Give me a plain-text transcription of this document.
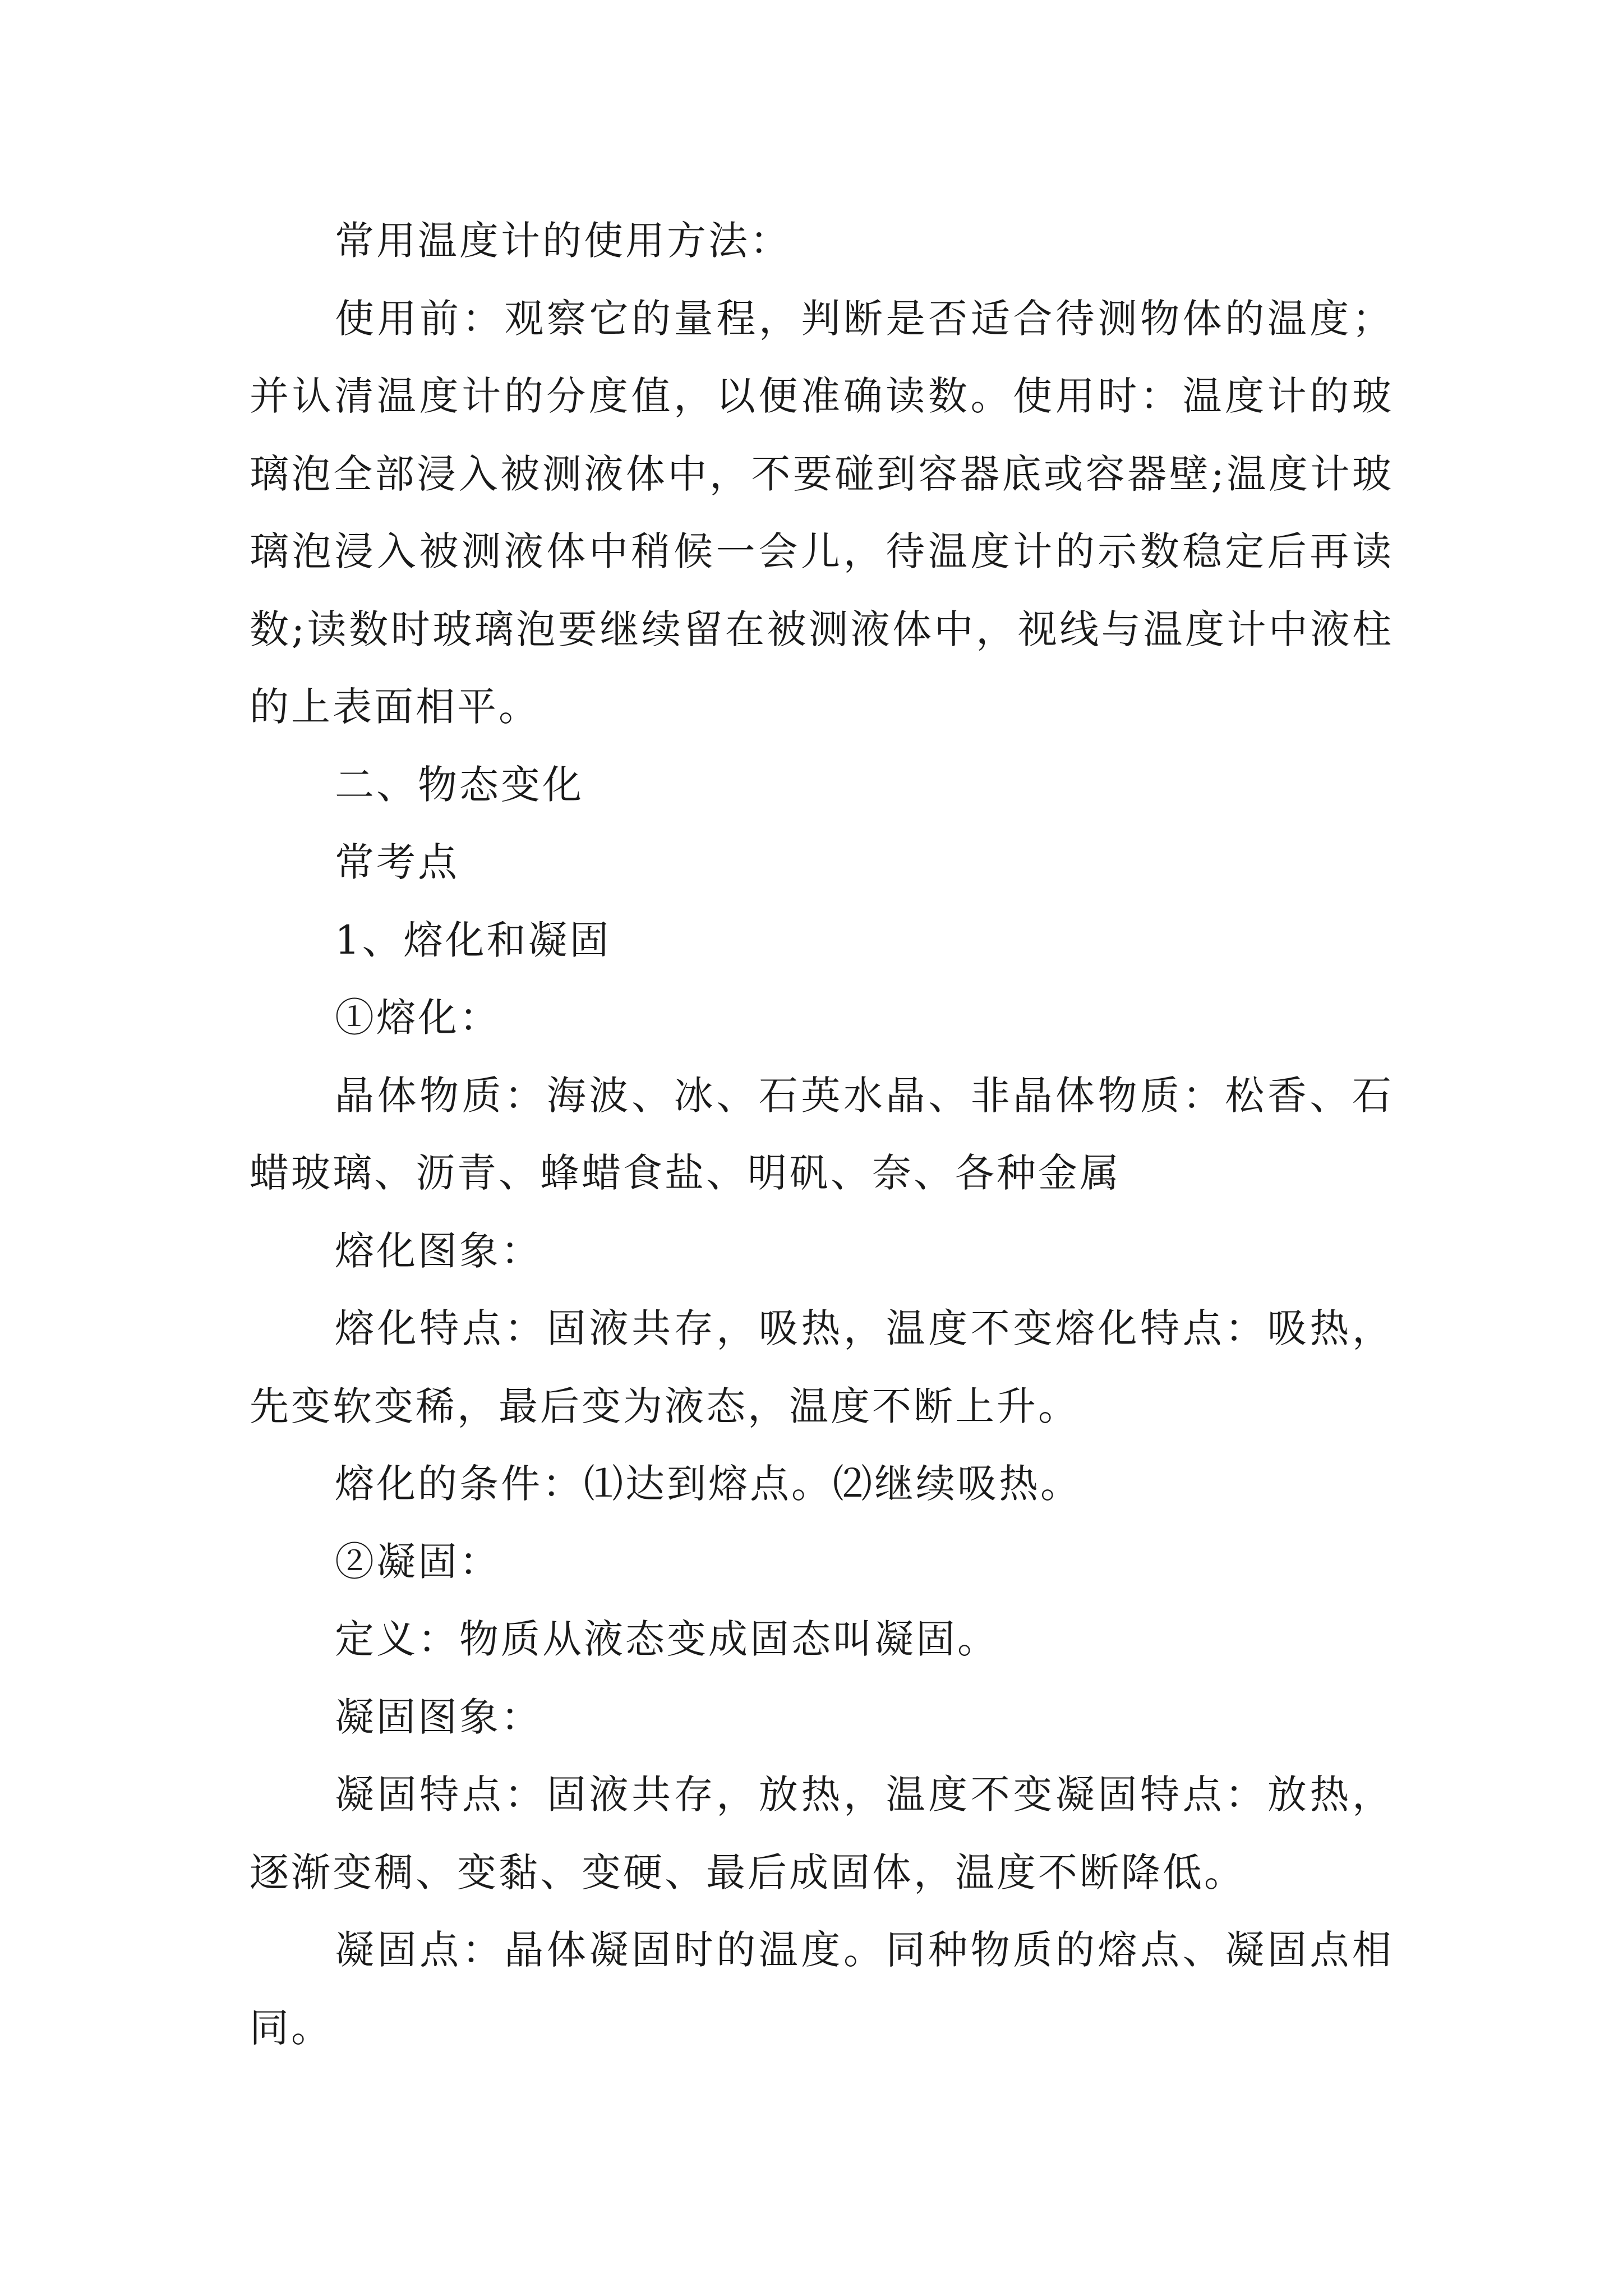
常用温度计的使用方法：

使用前：观察它的量程，判断是否适合待测物体的温度；并认清温度计的分度值，以便准确读数。使用时：温度计的玻璃泡全部浸入被测液体中，不要碰到容器底或容器壁;温度计玻璃泡浸入被测液体中稍候一会儿，待温度计的示数稳定后再读数;读数时玻璃泡要继续留在被测液体中，视线与温度计中液柱的上表面相平。

二、物态变化

常考点

1、熔化和凝固

①熔化：

晶体物质：海波、冰、石英水晶、非晶体物质：松香、石蜡玻璃、沥青、蜂蜡食盐、明矾、奈、各种金属

熔化图象：

熔化特点：固液共存，吸热，温度不变熔化特点：吸热，先变软变稀，最后变为液态，温度不断上升。

熔化的条件：⑴达到熔点。⑵继续吸热。

②凝固：

定义：物质从液态变成固态叫凝固。

凝固图象：

凝固特点：固液共存，放热，温度不变凝固特点：放热，逐渐变稠、变黏、变硬、最后成固体，温度不断降低。

凝固点：晶体凝固时的温度。同种物质的熔点、凝固点相同。
